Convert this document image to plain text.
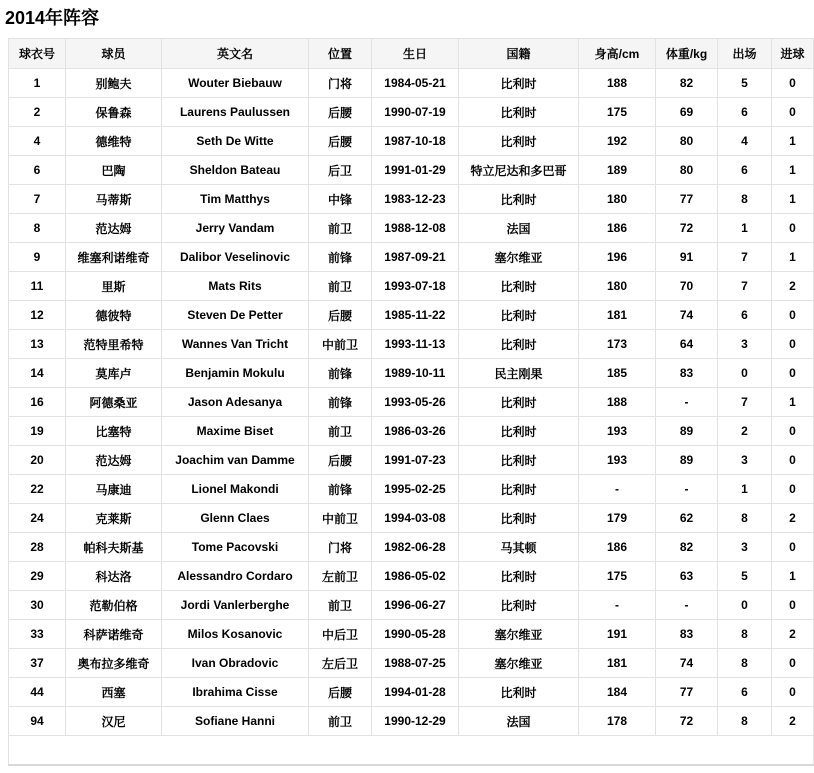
2014年阵容
球衣号	球员	英文名	位置	生日	国籍	身高/cm	体重/kg	出场	进球
1	别鲍夫	Wouter Biebauw	门将	1984-05-21	比利时	188	82	5	0
2	保鲁森	Laurens Paulussen	后腰	1990-07-19	比利时	175	69	6	0
4	德维特	Seth De Witte	后腰	1987-10-18	比利时	192	80	4	1
6	巴陶	Sheldon Bateau	后卫	1991-01-29	特立尼达和多巴哥	189	80	6	1
7	马蒂斯	Tim Matthys	中锋	1983-12-23	比利时	180	77	8	1
8	范达姆	Jerry Vandam	前卫	1988-12-08	法国	186	72	1	0
9	维塞利诺维奇	Dalibor Veselinovic	前锋	1987-09-21	塞尔维亚	196	91	7	1
11	里斯	Mats Rits	前卫	1993-07-18	比利时	180	70	7	2
12	德彼特	Steven De Petter	后腰	1985-11-22	比利时	181	74	6	0
13	范特里希特	Wannes Van Tricht	中前卫	1993-11-13	比利时	173	64	3	0
14	莫库卢	Benjamin Mokulu	前锋	1989-10-11	民主刚果	185	83	0	0
16	阿德桑亚	Jason Adesanya	前锋	1993-05-26	比利时	188	-	7	1
19	比塞特	Maxime Biset	前卫	1986-03-26	比利时	193	89	2	0
20	范达姆	Joachim van Damme	后腰	1991-07-23	比利时	193	89	3	0
22	马康迪	Lionel Makondi	前锋	1995-02-25	比利时	-	-	1	0
24	克莱斯	Glenn Claes	中前卫	1994-03-08	比利时	179	62	8	2
28	帕科夫斯基	Tome Pacovski	门将	1982-06-28	马其顿	186	82	3	0
29	科达洛	Alessandro Cordaro	左前卫	1986-05-02	比利时	175	63	5	1
30	范勒伯格	Jordi Vanlerberghe	前卫	1996-06-27	比利时	-	-	0	0
33	科萨诺维奇	Milos Kosanovic	中后卫	1990-05-28	塞尔维亚	191	83	8	2
37	奥布拉多维奇	Ivan Obradovic	左后卫	1988-07-25	塞尔维亚	181	74	8	0
44	西塞	Ibrahima Cisse	后腰	1994-01-28	比利时	184	77	6	0
94	汉尼	Sofiane Hanni	前卫	1990-12-29	法国	178	72	8	2
